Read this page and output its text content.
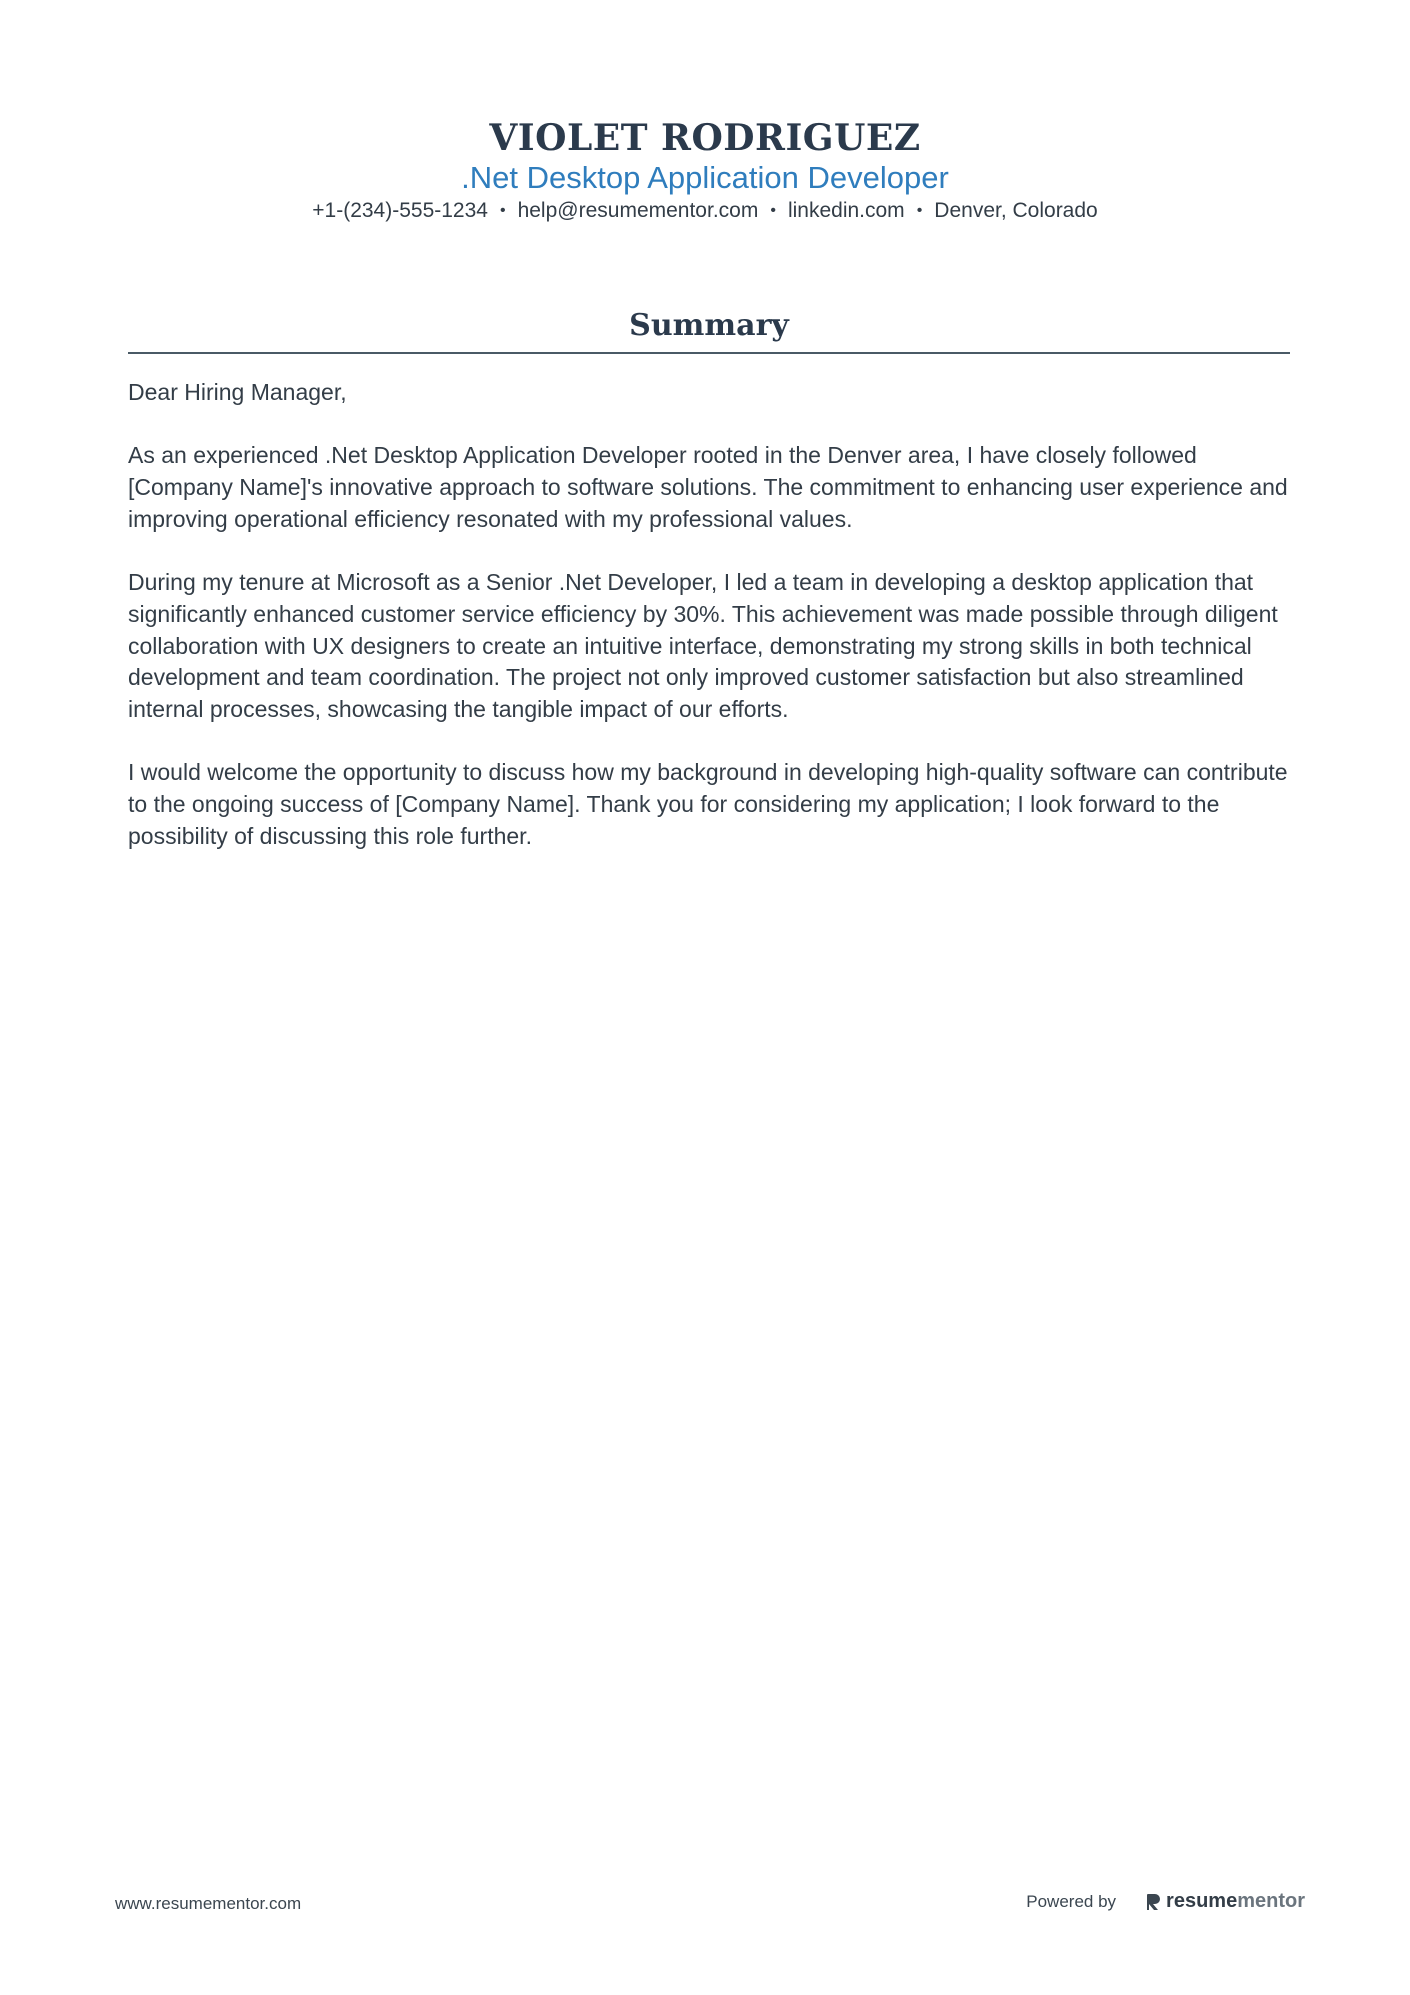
VIOLET RODRIGUEZ
.Net Desktop Application Developer
+1-(234)-555-1234 • help@resumementor.com • linkedin.com • Denver, Colorado
Summary

Dear Hiring Manager,

As an experienced .Net Desktop Application Developer rooted in the Denver area, I have closely followed [Company Name]'s innovative approach to software solutions. The commitment to enhancing user experience and improving operational efficiency resonated with my professional values.

During my tenure at Microsoft as a Senior .Net Developer, I led a team in developing a desktop application that significantly enhanced customer service efficiency by 30%. This achievement was made possible through diligent collaboration with UX designers to create an intuitive interface, demonstrating my strong skills in both technical development and team coordination. The project not only improved customer satisfaction but also streamlined internal processes, showcasing the tangible impact of our efforts.

I would welcome the opportunity to discuss how my background in developing high-quality software can contribute to the ongoing success of [Company Name]. Thank you for considering my application; I look forward to the possibility of discussing this role further.

www.resumementor.com	Powered by	resume mentor
